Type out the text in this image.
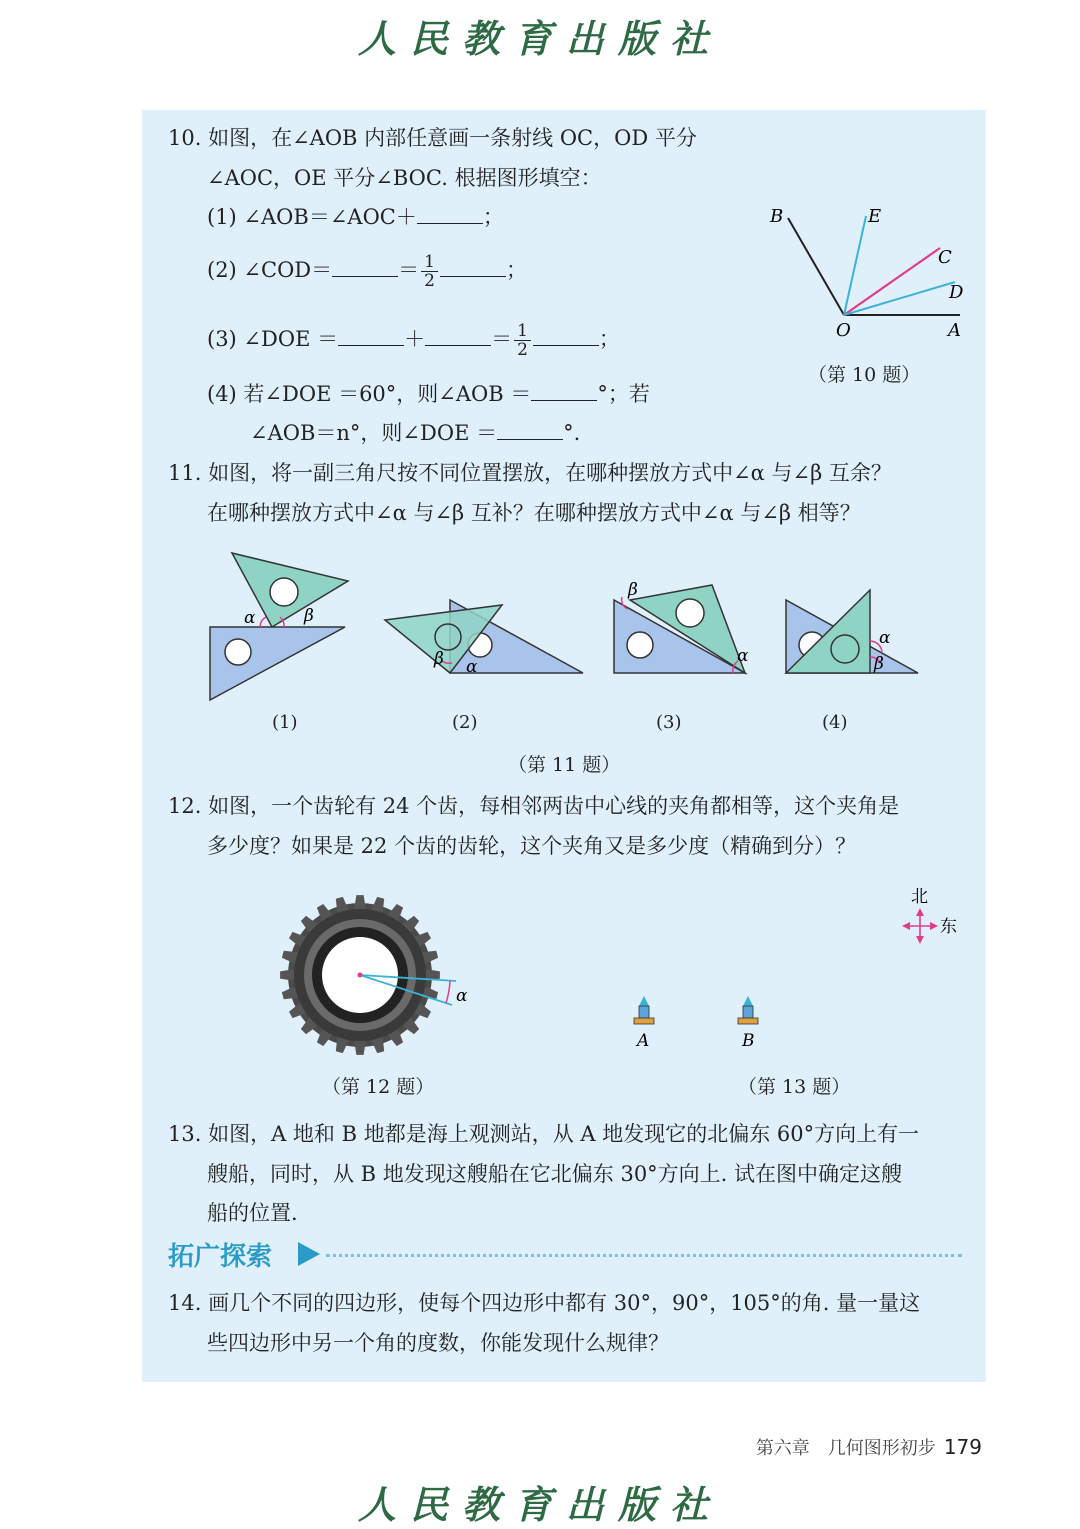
人民教育出版社
10. 如图，在∠AOB 内部任意画一条射线 OC，OD 平分
∠AOC，OE 平分∠BOC. 根据图形填空：
(1) ∠AOB＝∠AOC＋	；
(2) ∠COD＝	＝ $\frac{1}{2}$	；
(3) ∠DOE ＝	＋	＝ $\frac{1}{2}$	；
(4) 若∠DOE ＝60°，则∠AOB ＝	°；若
∠AOB＝n°，则∠DOE ＝	°.
B	E
C
D
O	A
（第 10 题）
11. 如图，将一副三角尺按不同位置摆放，在哪种摆放方式中∠α 与∠β 互余？
在哪种摆放方式中∠α 与∠β 互补？在哪种摆放方式中∠α 与∠β 相等？
α	β
β α
β
α
α
β
(1)	(2)	(3)	(4)
（第 11 题）
12. 如图，一个齿轮有 24 个齿，每相邻两齿中心线的夹角都相等，这个夹角是
多少度？如果是 22 个齿的齿轮，这个夹角又是多少度（精确到分）？
α
（第 12 题）
北
东
A	B
（第 13 题）
13. 如图，A 地和 B 地都是海上观测站，从 A 地发现它的北偏东 60°方向上有一
艘船，同时，从 B 地发现这艘船在它北偏东 30°方向上. 试在图中确定这艘
船的位置.
拓广探索
14. 画几个不同的四边形，使每个四边形中都有 30°，90°，105°的角. 量一量这
些四边形中另一个角的度数，你能发现什么规律？
第六章　几何图形初步 179
人民教育出版社
